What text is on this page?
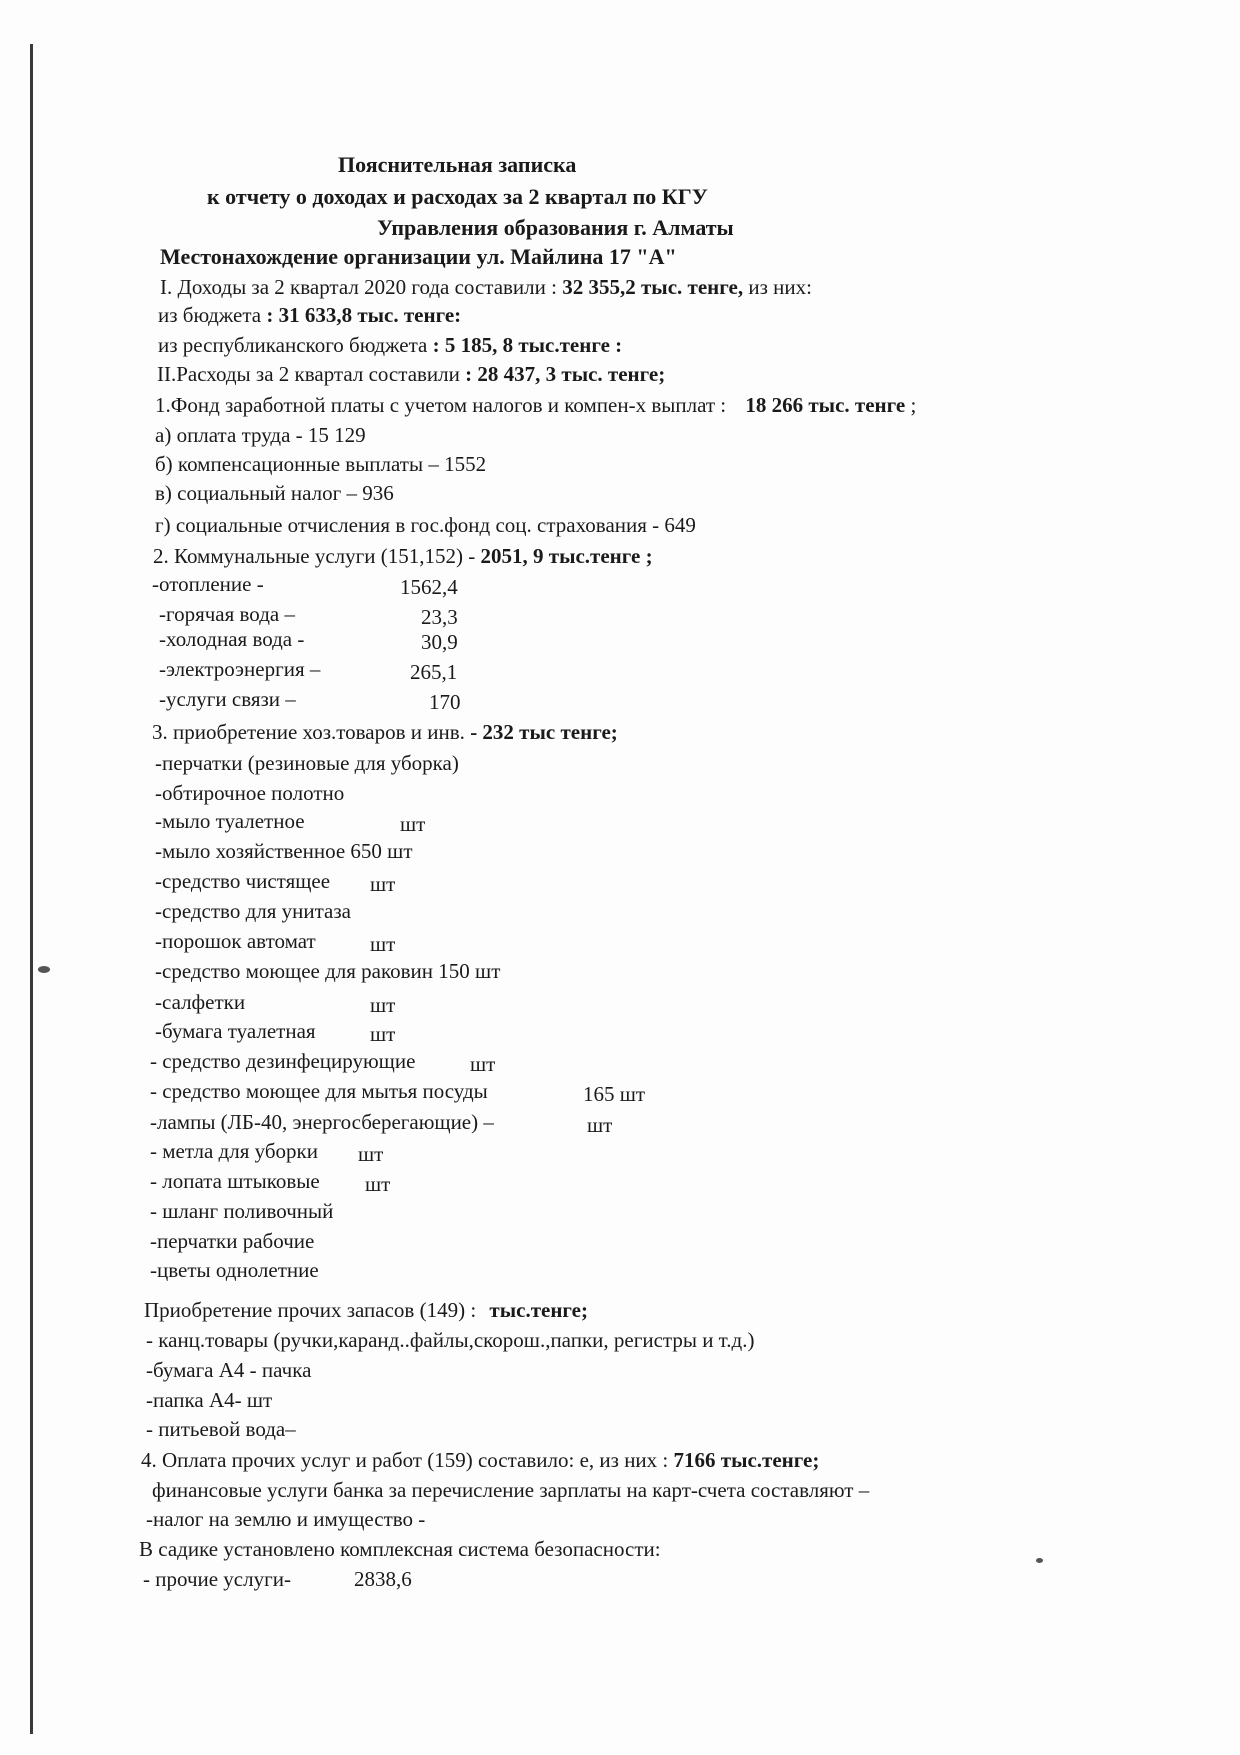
Пояснительная записка
к отчету о доходах и расходах за 2 квартал по КГУ
Управления образования г. Алматы
Местонахождение организации ул. Майлина 17 "А"
I. Доходы за 2 квартал 2020 года составили : 32 355,2 тыс. тенге, из них:
из бюджета : 31 633,8 тыс. тенге:
из республиканского бюджета : 5 185, 8 тыс.тенге :
II.Расходы за 2 квартал составили : 28 437, 3 тыс. тенге;
1.Фонд заработной платы с учетом налогов и компен-х выплат : 18 266 тыс. тенге ;
а) оплата труда - 15 129
б) компенсационные выплаты – 1552
в) социальный налог – 936
г) социальные отчисления в гос.фонд соц. страхования - 649
2. Коммунальные услуги (151,152) - 2051, 9 тыс.тенге ;
-отопление -	1562,4
-горячая вода –	23,3
-холодная вода -	30,9
-электроэнергия –	265,1
-услуги связи –	170
3. приобретение хоз.товаров и инв. - 232 тыс тенге;
-перчатки (резиновые для уборка)
-обтирочное полотно
-мыло туалетное	шт
-мыло хозяйственное 650 шт
-средство чистящее шт
-средство для унитаза
-порошок автомат	шт
-средство моющее для раковин 150 шт
-салфетки	шт
-бумага туалетная	шт
- средство дезинфецирующие	шт
- средство моющее для мытья посуды	165 шт
-лампы (ЛБ-40, энергосберегающие) –	шт
- метла для уборки шт
- лопата штыковые шт
- шланг поливочный
-перчатки рабочие
-цветы однолетние
Приобретение прочих запасов (149) : тыс.тенге;
- канц.товары (ручки,каранд..файлы,скорош.,папки, регистры и т.д.)
-бумага А4 - пачка
-папка А4- шт
- питьевой вода–
4. Оплата прочих услуг и работ (159) составило: е, из них : 7166 тыс.тенге;
финансовые услуги банка за перечисление зарплаты на карт-счета составляют –
-налог на землю и имущество -
В садике установлено комплексная система безопасности:
- прочие услуги-	2838,6
